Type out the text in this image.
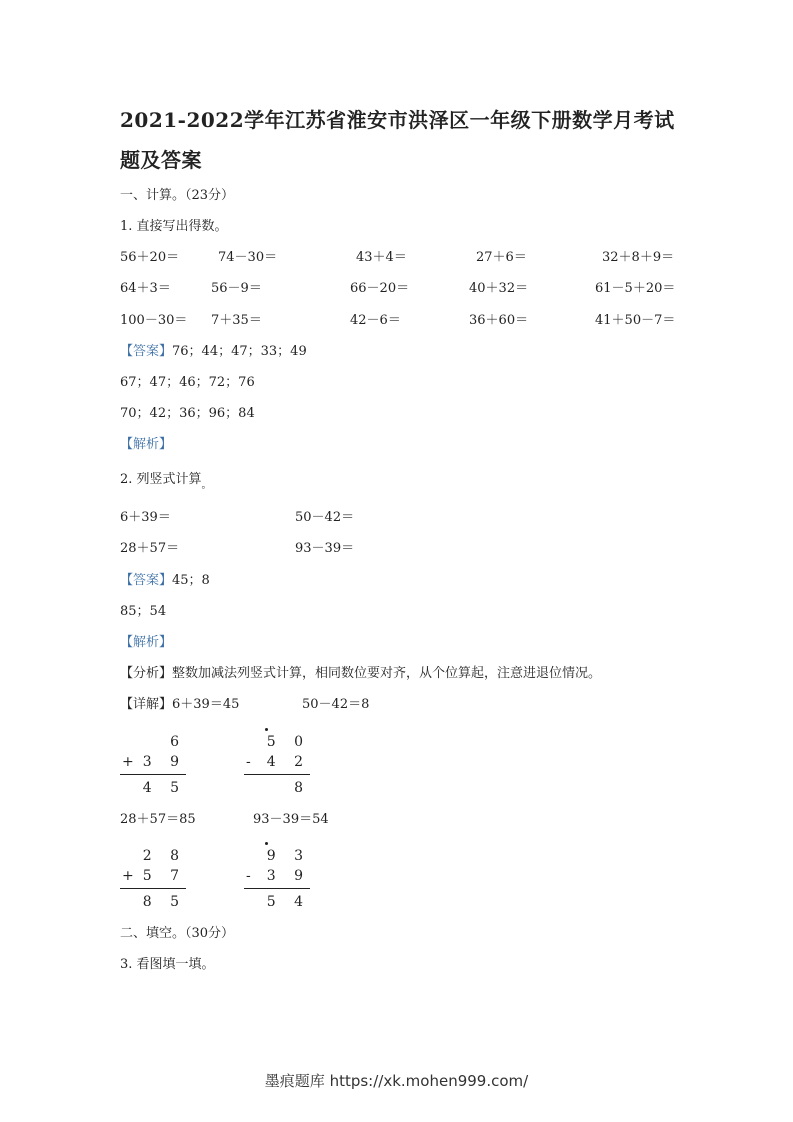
2021-2022学年江苏省淮安市洪泽区一年级下册数学月考试题及答案
一、计算。（23分）
1. 直接写出得数。
56＋20＝	74－30＝	43＋4＝	27＋6＝	32＋8＋9＝
64＋3＝	56－9＝	66－20＝	40＋32＝	61－5＋20＝
100－30＝ 7＋35＝	42－6＝	36＋60＝	41＋50－7＝
【答案】76；44；47；33；49
67；47；46；72；76
70；42；36；96；84
【解析】
2. 列竖式计算$_。$
6＋39＝	50－42＝
28＋57＝	93－39＝
【答案】45；8
85；54
【解析】
【分析】整数加减法列竖式计算，相同数位要对齐，从个位算起，注意进退位情况。
【详解】6＋39＝45	50－42＝8
6
+ 3 9
4 5
5 0
-	4 2
8
28＋57＝85	93－39＝54
2 8
+ 5 7
8 5
9 3
-	3 9
5 4
二、填空。（30分）
3. 看图填一填。
墨痕题库 https://xk.mohen999.com/
